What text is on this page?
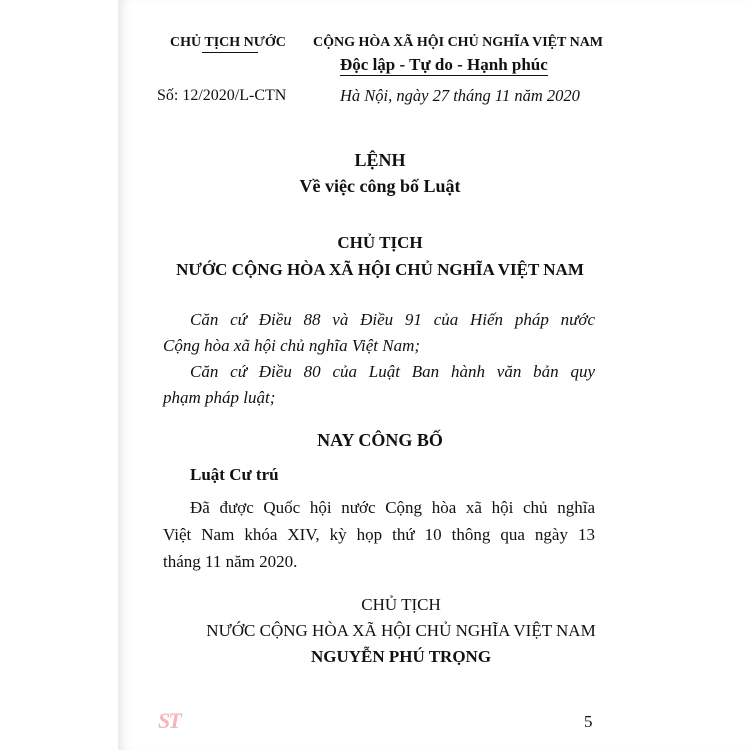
CHỦ TỊCH NƯỚC CỘNG HÒA XÃ HỘI CHỦ NGHĨA VIỆT NAM
Độc lập - Tự do - Hạnh phúc
Số: 12/2020/L-CTN	Hà Nội, ngày 27 tháng 11 năm 2020
LỆNH
Về việc công bố Luật
CHỦ TỊCH
NƯỚC CỘNG HÒA XÃ HỘI CHỦ NGHĨA VIỆT NAM
Căn cứ Điều 88 và Điều 91 của Hiến pháp nước
Cộng hòa xã hội chủ nghĩa Việt Nam;
Căn cứ Điều 80 của Luật Ban hành văn bản quy
phạm pháp luật;
NAY CÔNG BỐ
Luật Cư trú
Đã được Quốc hội nước Cộng hòa xã hội chủ nghĩa
Việt Nam khóa XIV, kỳ họp thứ 10 thông qua ngày 13
tháng 11 năm 2020.
CHỦ TỊCH
NƯỚC CỘNG HÒA XÃ HỘI CHỦ NGHĨA VIỆT NAM
NGUYỄN PHÚ TRỌNG
ST	5
